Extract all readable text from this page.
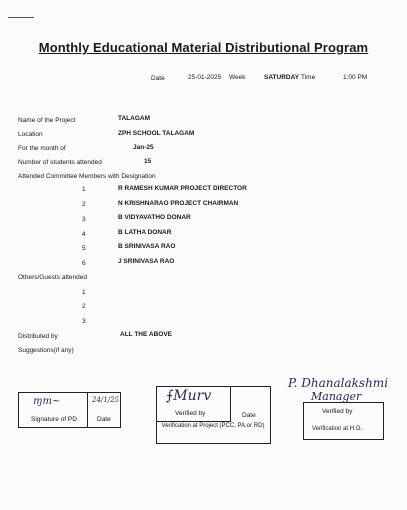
Monthly Educational Material Distributional Program
Date	25-01-2025 Week	SATURDAY Time	1:00 PM
Name of the Project	TALAGAM
Location	ZPH SCHOOL TALAGAM
For the month of	Jan-25
Number of students attended	15
Attended Committee Members with Designation
1	R RAMESH KUMAR PROJECT DIRECTOR
2	N KRISHNARAO PROJECT CHAIRMAN
3	B VIDYAVATHO DONAR
4	B LATHA DONAR
5	B SRINIVASA RAO
6	J SRINIVASA RAO
Others/Guests attended
1
2
3
Distributed by	ALL THE ABOVE
Suggestions(if any)
Signature of PD	Date
ɱm~	24/1/25	⨍Murv
Verified by	Date
Verification at Project (PCC, PA,or RD)
P. Dhanalakshmi
Manager
Verified by
Verification at H.O.
